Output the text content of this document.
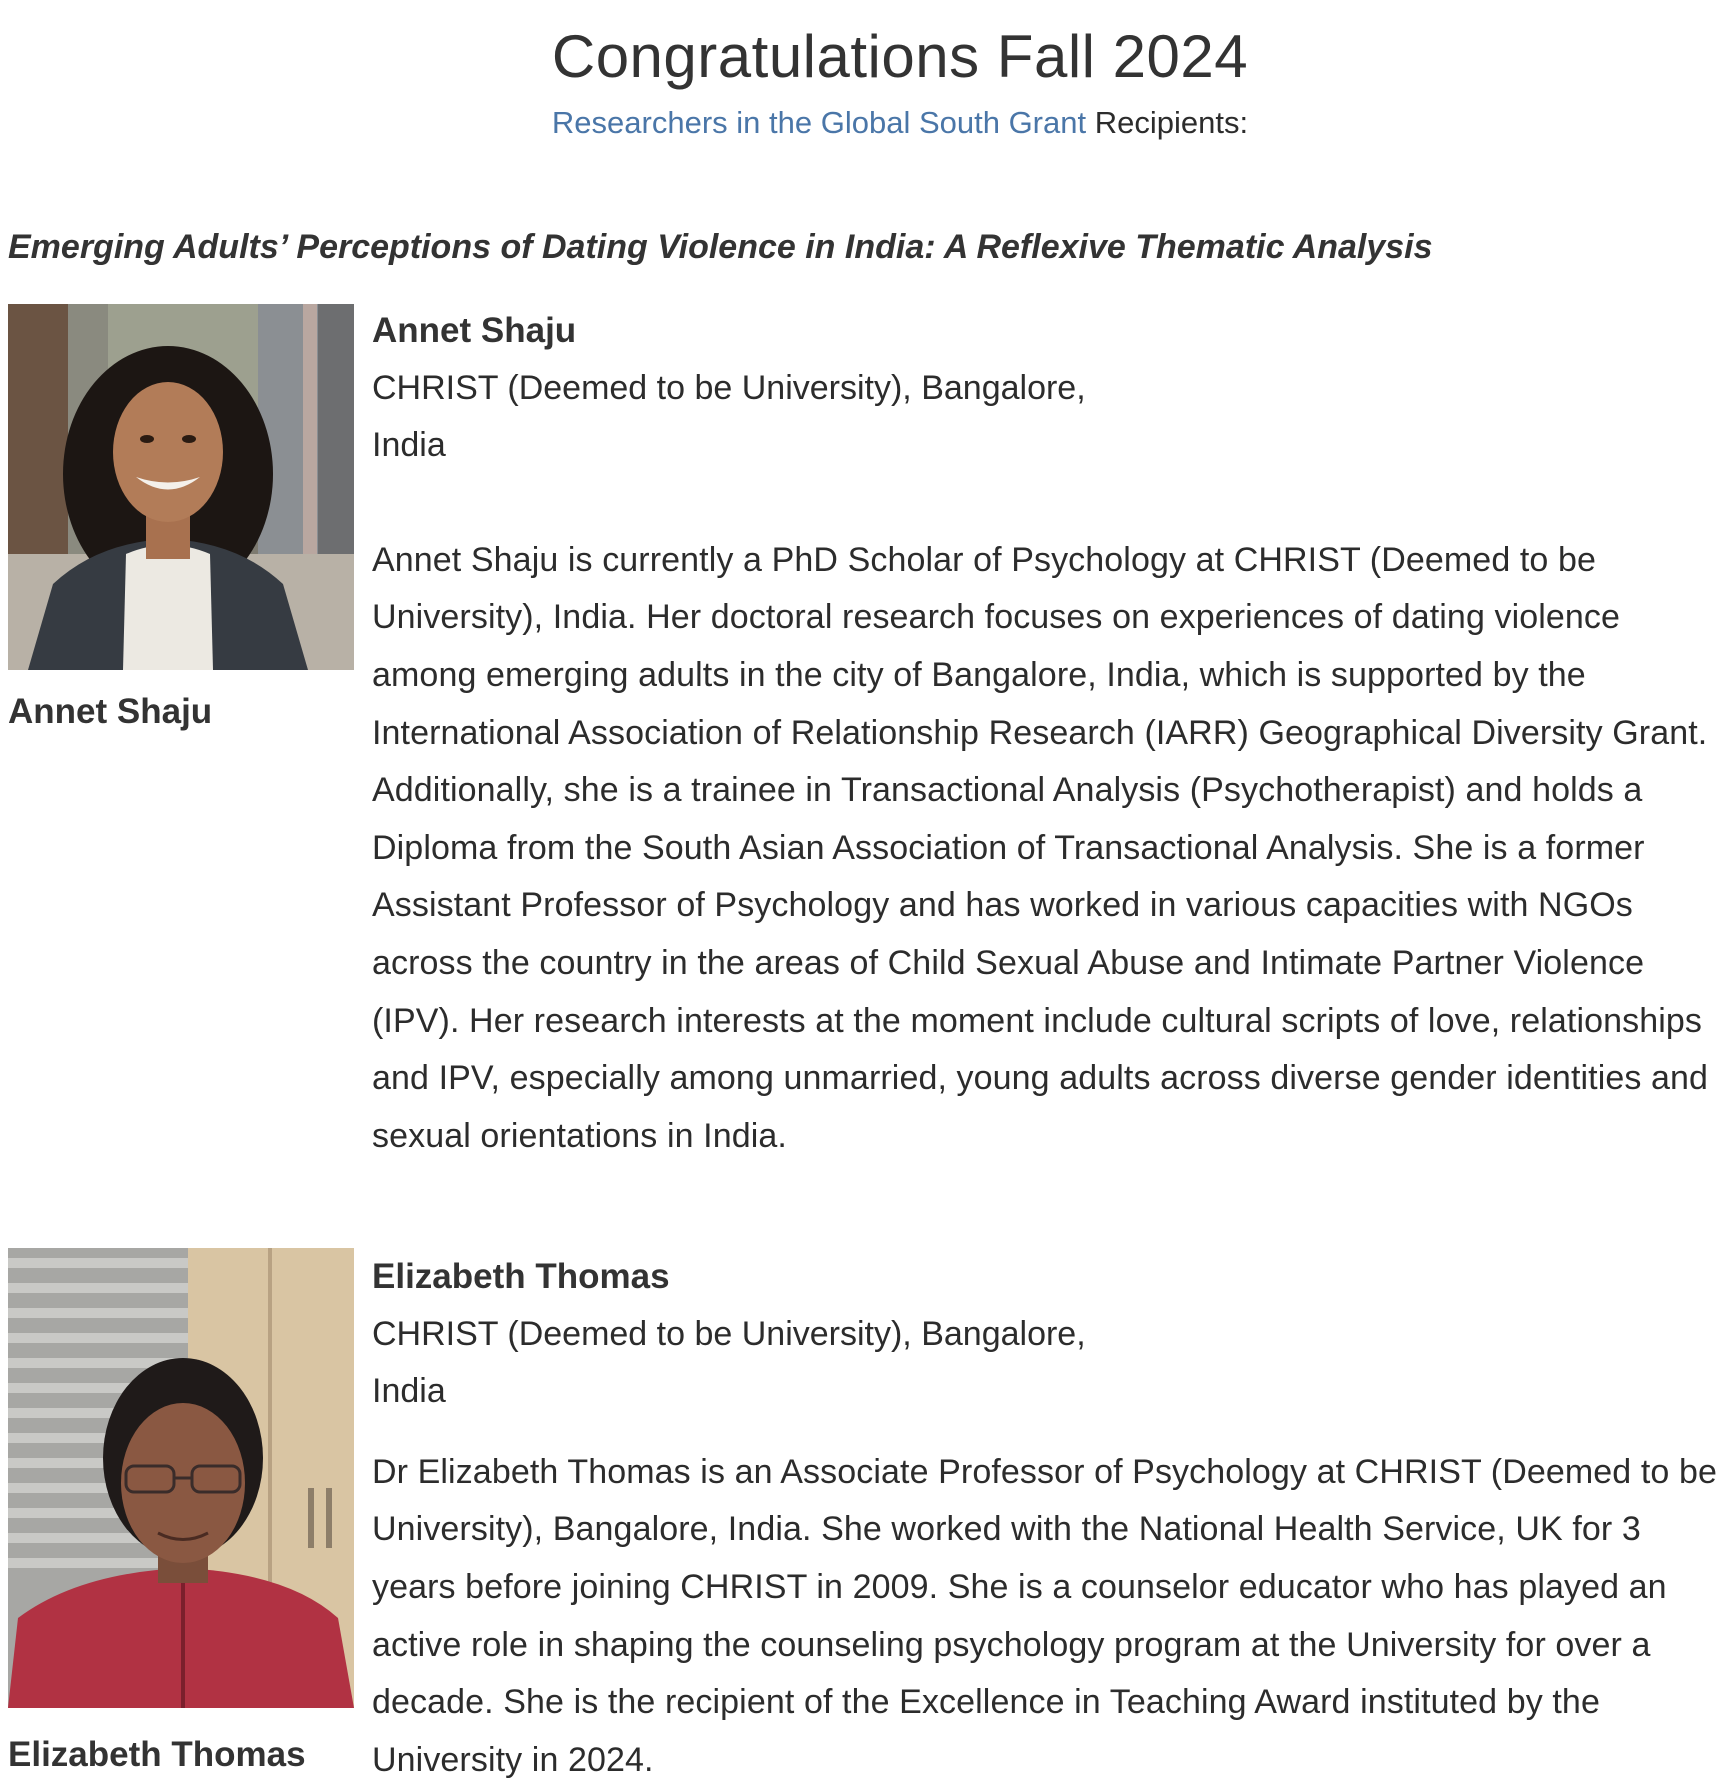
Congratulations Fall 2024

Researchers in the Global South Grant Recipients:

Emerging Adults’ Perceptions of Dating Violence in India: A Reflexive Thematic Analysis

Annet Shaju

Annet Shaju

CHRIST (Deemed to be University), Bangalore,

India

Annet Shaju is currently a PhD Scholar of Psychology at CHRIST (Deemed to be University), India. Her doctoral research focuses on experiences of dating violence among emerging adults in the city of Bangalore, India, which is supported by the International Association of Relationship Research (IARR) Geographical Diversity Grant. Additionally, she is a trainee in Transactional Analysis (Psychotherapist) and holds a Diploma from the South Asian Association of Transactional Analysis. She is a former Assistant Professor of Psychology and has worked in various capacities with NGOs across the country in the areas of Child Sexual Abuse and Intimate Partner Violence (IPV). Her research interests at the moment include cultural scripts of love, relationships and IPV, especially among unmarried, young adults across diverse gender identities and sexual orientations in India.

Elizabeth Thomas

Elizabeth Thomas

CHRIST (Deemed to be University), Bangalore,

India

Dr Elizabeth Thomas is an Associate Professor of Psychology at CHRIST (Deemed to be University), Bangalore, India. She worked with the National Health Service, UK for 3 years before joining CHRIST in 2009. She is a counselor educator who has played an active role in shaping the counseling psychology program at the University for over a decade. She is the recipient of the Excellence in Teaching Award instituted by the University in 2024.
